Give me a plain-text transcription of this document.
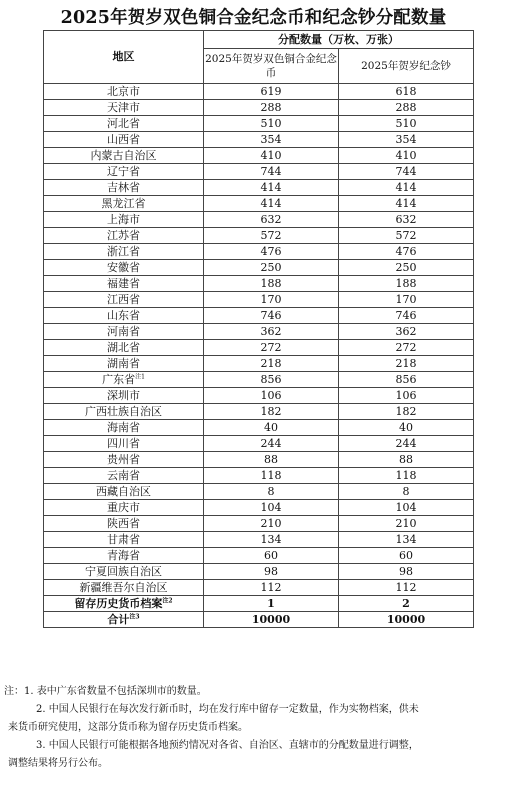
2025年贺岁双色铜合金纪念币和纪念钞分配数量
地区	分配数量（万枚、万张）	
	2025年贺岁双色铜合金纪念币	2025年贺岁纪念钞
北京市	619	618
天津市	288	288
河北省	510	510
山西省	354	354
内蒙古自治区	410	410
辽宁省	744	744
吉林省	414	414
黑龙江省	414	414
上海市	632	632
江苏省	572	572
浙江省	476	476
安徽省	250	250
福建省	188	188
江西省	170	170
山东省	746	746
河南省	362	362
湖北省	272	272
湖南省	218	218
广东省$^{注1}$	856	856
深圳市	106	106
广西壮族自治区	182	182
海南省	40	40
四川省	244	244
贵州省	88	88
云南省	118	118
西藏自治区	8	8
重庆市	104	104
陕西省	210	210
甘肃省	134	134
青海省	60	60
宁夏回族自治区	98	98
新疆维吾尔自治区	112	112
留存历史货币档案$^{注2}$	1	2
合计$^{注3}$	10000	10000
注：1. 表中广东省数量不包括深圳市的数量。
2. 中国人民银行在每次发行新币时，均在发行库中留存一定数量，作为实物档案，供未
来货币研究使用，这部分货币称为留存历史货币档案。
3. 中国人民银行可能根据各地预约情况对各省、自治区、直辖市的分配数量进行调整，
调整结果将另行公布。
